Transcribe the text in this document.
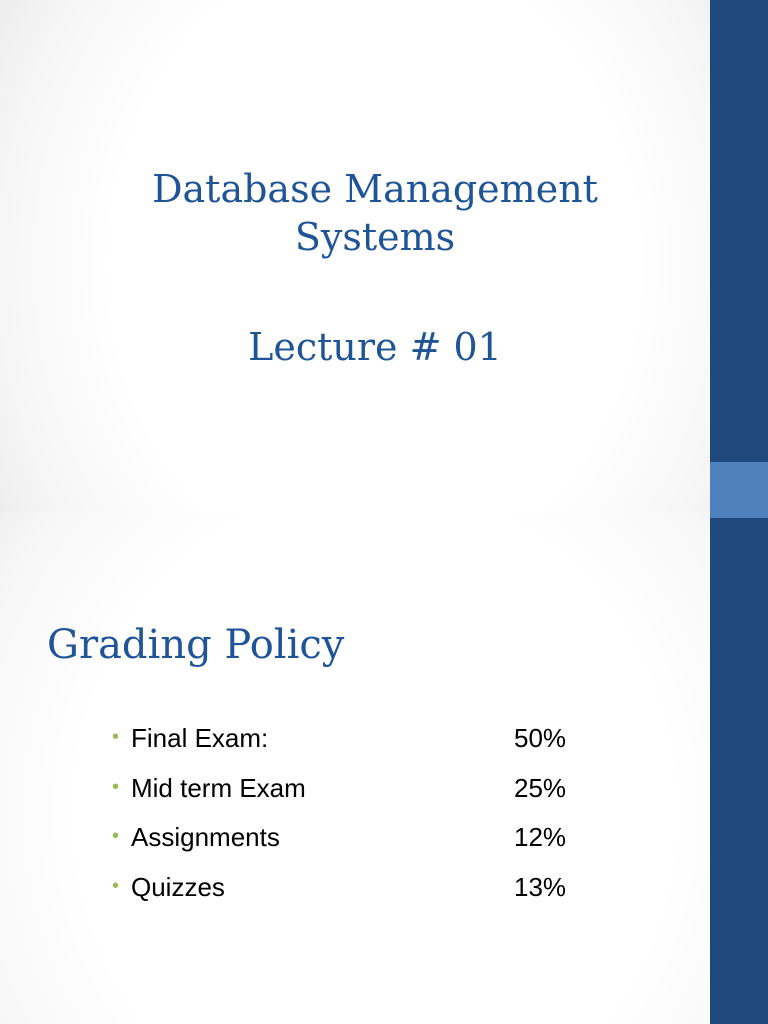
Database Management
Systems
Lecture # 01
Grading Policy
• Final Exam:	50%
• Mid term Exam	25%
• Assignments	12%
• Quizzes	13%
